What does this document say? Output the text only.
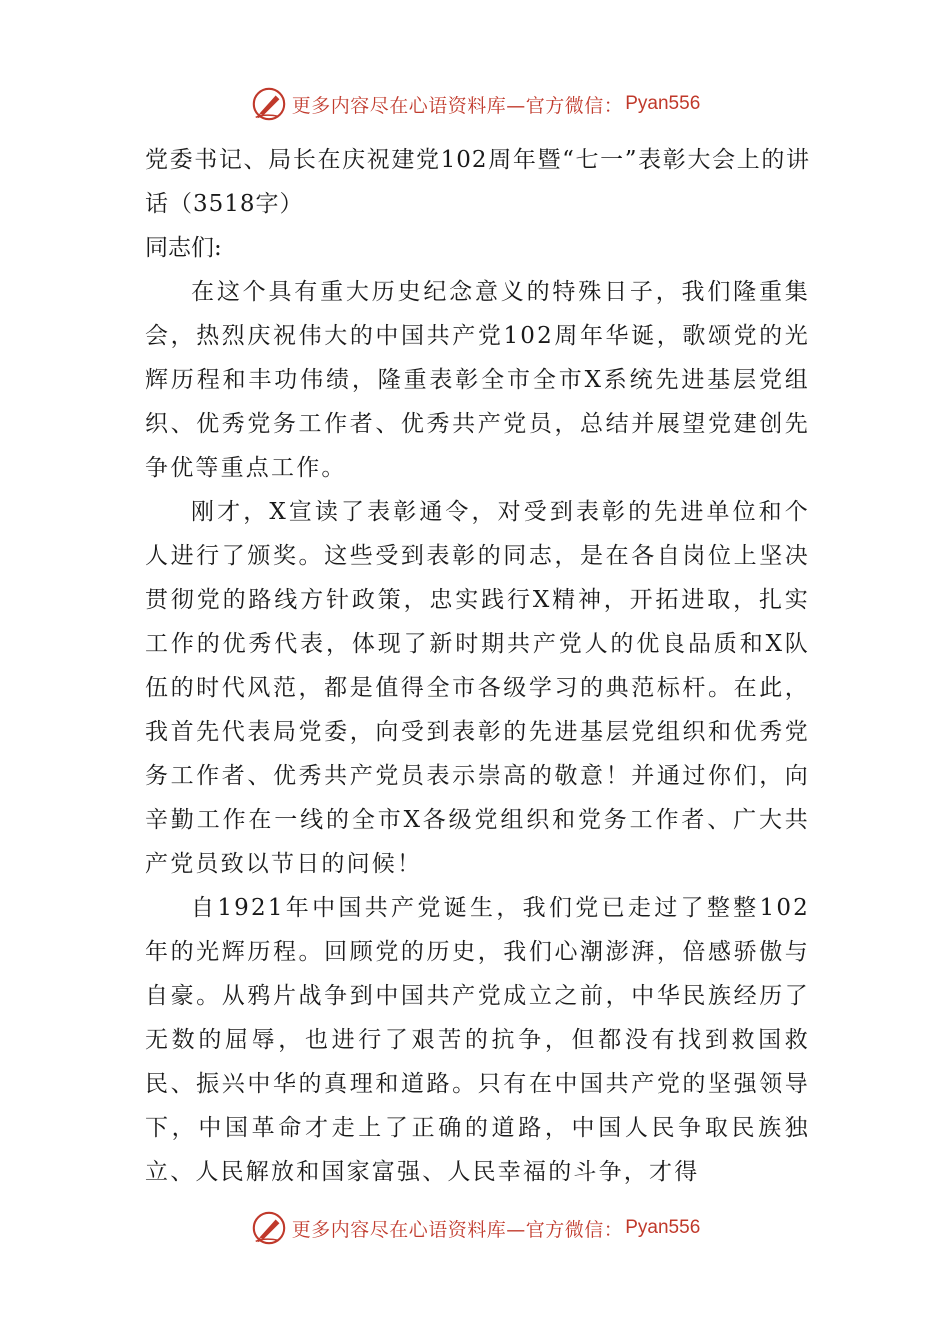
更多内容尽在心语资料库—官方微信： Pyan556
党委书记、局长在庆祝建党102周年暨“七一”表彰大会上的讲话（3518字）

同志们:

在这个具有重大历史纪念意义的特殊日子，我们隆重集会，热烈庆祝伟大的中国共产党102周年华诞，歌颂党的光辉历程和丰功伟绩，隆重表彰全市全市X系统先进基层党组织、优秀党务工作者、优秀共产党员，总结并展望党建创先争优等重点工作。

刚才，X宣读了表彰通令，对受到表彰的先进单位和个人进行了颁奖。这些受到表彰的同志，是在各自岗位上坚决贯彻党的路线方针政策，忠实践行X精神，开拓进取，扎实工作的优秀代表，体现了新时期共产党人的优良品质和X队伍的时代风范，都是值得全市各级学习的典范标杆。在此，我首先代表局党委，向受到表彰的先进基层党组织和优秀党务工作者、优秀共产党员表示崇高的敬意！并通过你们，向辛勤工作在一线的全市X各级党组织和党务工作者、广大共产党员致以节日的问候！

自1921年中国共产党诞生，我们党已走过了整整102年的光辉历程。回顾党的历史，我们心潮澎湃，倍感骄傲与自豪。从鸦片战争到中国共产党成立之前，中华民族经历了无数的屈辱，也进行了艰苦的抗争，但都没有找到救国救民、振兴中华的真理和道路。只有在中国共产党的坚强领导下，中国革命才走上了正确的道路，中国人民争取民族独立、人民解放和国家富强、人民幸福的斗争，才得

更多内容尽在心语资料库—官方微信： Pyan556
